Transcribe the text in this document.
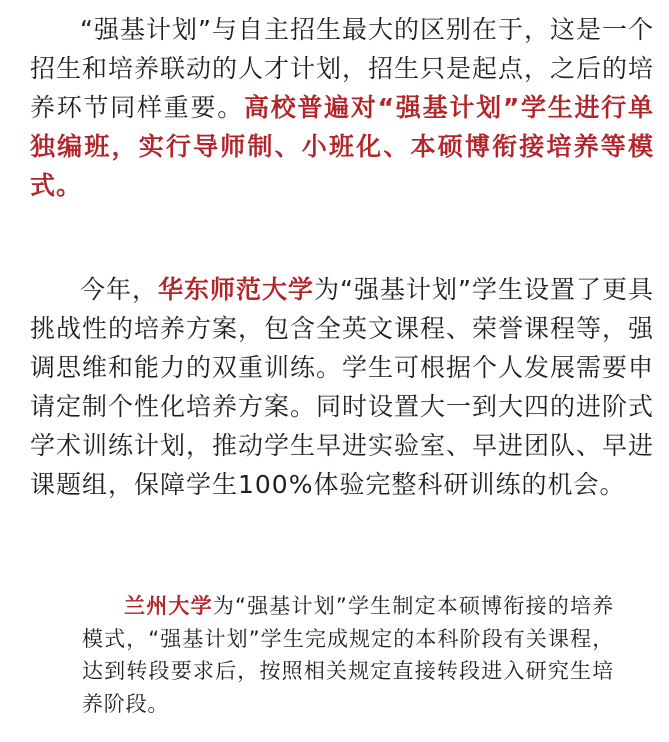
“强基计划”与自主招生最大的区别在于，这是一个招生和培养联动的人才计划，招生只是起点，之后的培养环节同样重要。高校普遍对“强基计划”学生进行单独编班，实行导师制、小班化、本硕博衔接培养等模式。

今年，华东师范大学为“强基计划”学生设置了更具挑战性的培养方案，包含全英文课程、荣誉课程等，强调思维和能力的双重训练。学生可根据个人发展需要申请定制个性化培养方案。同时设置大一到大四的进阶式学术训练计划，推动学生早进实验室、早进团队、早进课题组，保障学生100%体验完整科研训练的机会。

兰州大学为“强基计划”学生制定本硕博衔接的培养模式，“强基计划”学生完成规定的本科阶段有关课程，达到转段要求后，按照相关规定直接转段进入研究生培养阶段。
